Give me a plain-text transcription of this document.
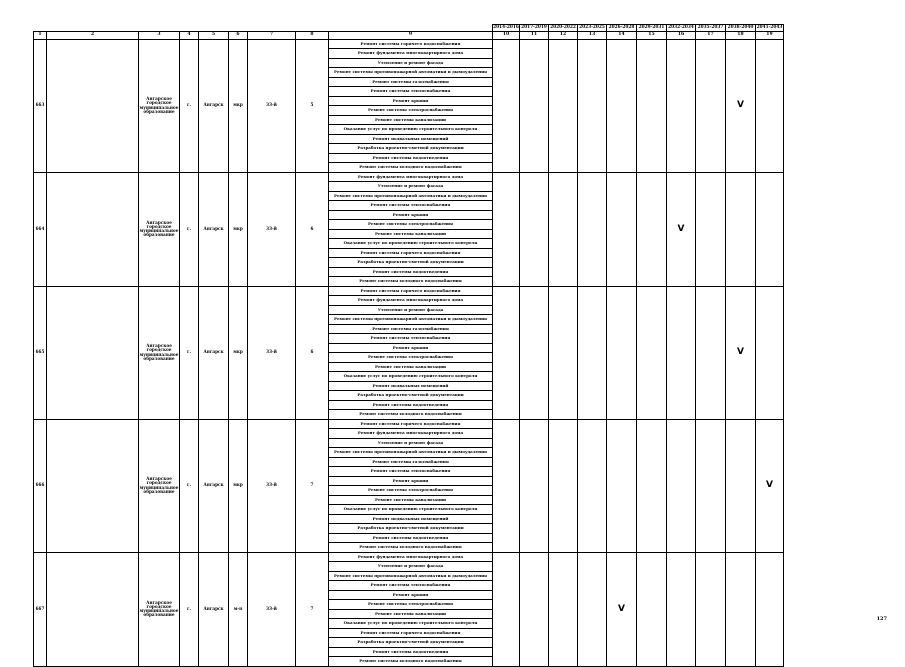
									2014-2016	2017-2019	2020-2022	2023-2025	2026-2028	2029-2031	2032-2034	2035-2037	2038-2040	2041-2043
1	2	3	4	5	6	7	8	9	10	11	12	13	14	15	16	17	18	19
663		Ангарское городское муниципальное образование	г.	Ангарск	мкр	33-й	5	Ремонт системы горячего водоснабжения									V	
								Ремонт фундамента многоквартирного дома										
								Утепление и ремонт фасада										
								Ремонт системы противопожарной автоматики и дымоудаления										
								Ремонт системы газоснабжения										
								Ремонт системы теплоснабжения										
								Ремонт крыши										
								Ремонт системы электроснабжения										
								Ремонт системы канализации										
								Оказание услуг по проведению строительного контроля										
								Ремонт подвальных помещений										
								Разработка проектно-сметной документации										
								Ремонт системы водоотведения										
								Ремонт системы холодного водоснабжения										
664		Ангарское городское муниципальное образование	г.	Ангарск	мкр	33-й	6	Ремонт фундамента многоквартирного дома							V			
								Утепление и ремонт фасада										
								Ремонт системы противопожарной автоматики и дымоудаления										
								Ремонт системы теплоснабжения										
								Ремонт крыши										
								Ремонт системы электроснабжения										
								Ремонт системы канализации										
								Оказание услуг по проведению строительного контроля										
								Ремонт системы горячего водоснабжения										
								Разработка проектно-сметной документации										
								Ремонт системы водоотведения										
								Ремонт системы холодного водоснабжения										
665		Ангарское городское муниципальное образование	г.	Ангарск	мкр	33-й	6	Ремонт системы горячего водоснабжения									V	
								Ремонт фундамента многоквартирного дома										
								Утепление и ремонт фасада										
								Ремонт системы противопожарной автоматики и дымоудаления										
								Ремонт системы газоснабжения										
								Ремонт системы теплоснабжения										
								Ремонт крыши										
								Ремонт системы электроснабжения										
								Ремонт системы канализации										
								Оказание услуг по проведению строительного контроля										
								Ремонт подвальных помещений										
								Разработка проектно-сметной документации										
								Ремонт системы водоотведения										
								Ремонт системы холодного водоснабжения										
666		Ангарское городское муниципальное образование	г.	Ангарск	мкр	33-й	7	Ремонт системы горячего водоснабжения										V
								Ремонт фундамента многоквартирного дома										
								Утепление и ремонт фасада										
								Ремонт системы противопожарной автоматики и дымоудаления										
								Ремонт системы газоснабжения										
								Ремонт системы теплоснабжения										
								Ремонт крыши										
								Ремонт системы электроснабжения										
								Ремонт системы канализации										
								Оказание услуг по проведению строительного контроля										
								Ремонт подвальных помещений										
								Разработка проектно-сметной документации										
								Ремонт системы водоотведения										
								Ремонт системы холодного водоснабжения										
667		Ангарское городское муниципальное образование	г.	Ангарск	м-н	33-й	7	Ремонт фундамента многоквартирного дома					V					
								Утепление и ремонт фасада										
								Ремонт системы противопожарной автоматики и дымоудаления										
								Ремонт системы теплоснабжения										
								Ремонт крыши										
								Ремонт системы электроснабжения										
								Ремонт системы канализации										
								Оказание услуг по проведению строительного контроля										
								Ремонт системы горячего водоснабжения										
								Разработка проектно-сметной документации										
								Ремонт системы водоотведения										
								Ремонт системы холодного водоснабжения										
127
